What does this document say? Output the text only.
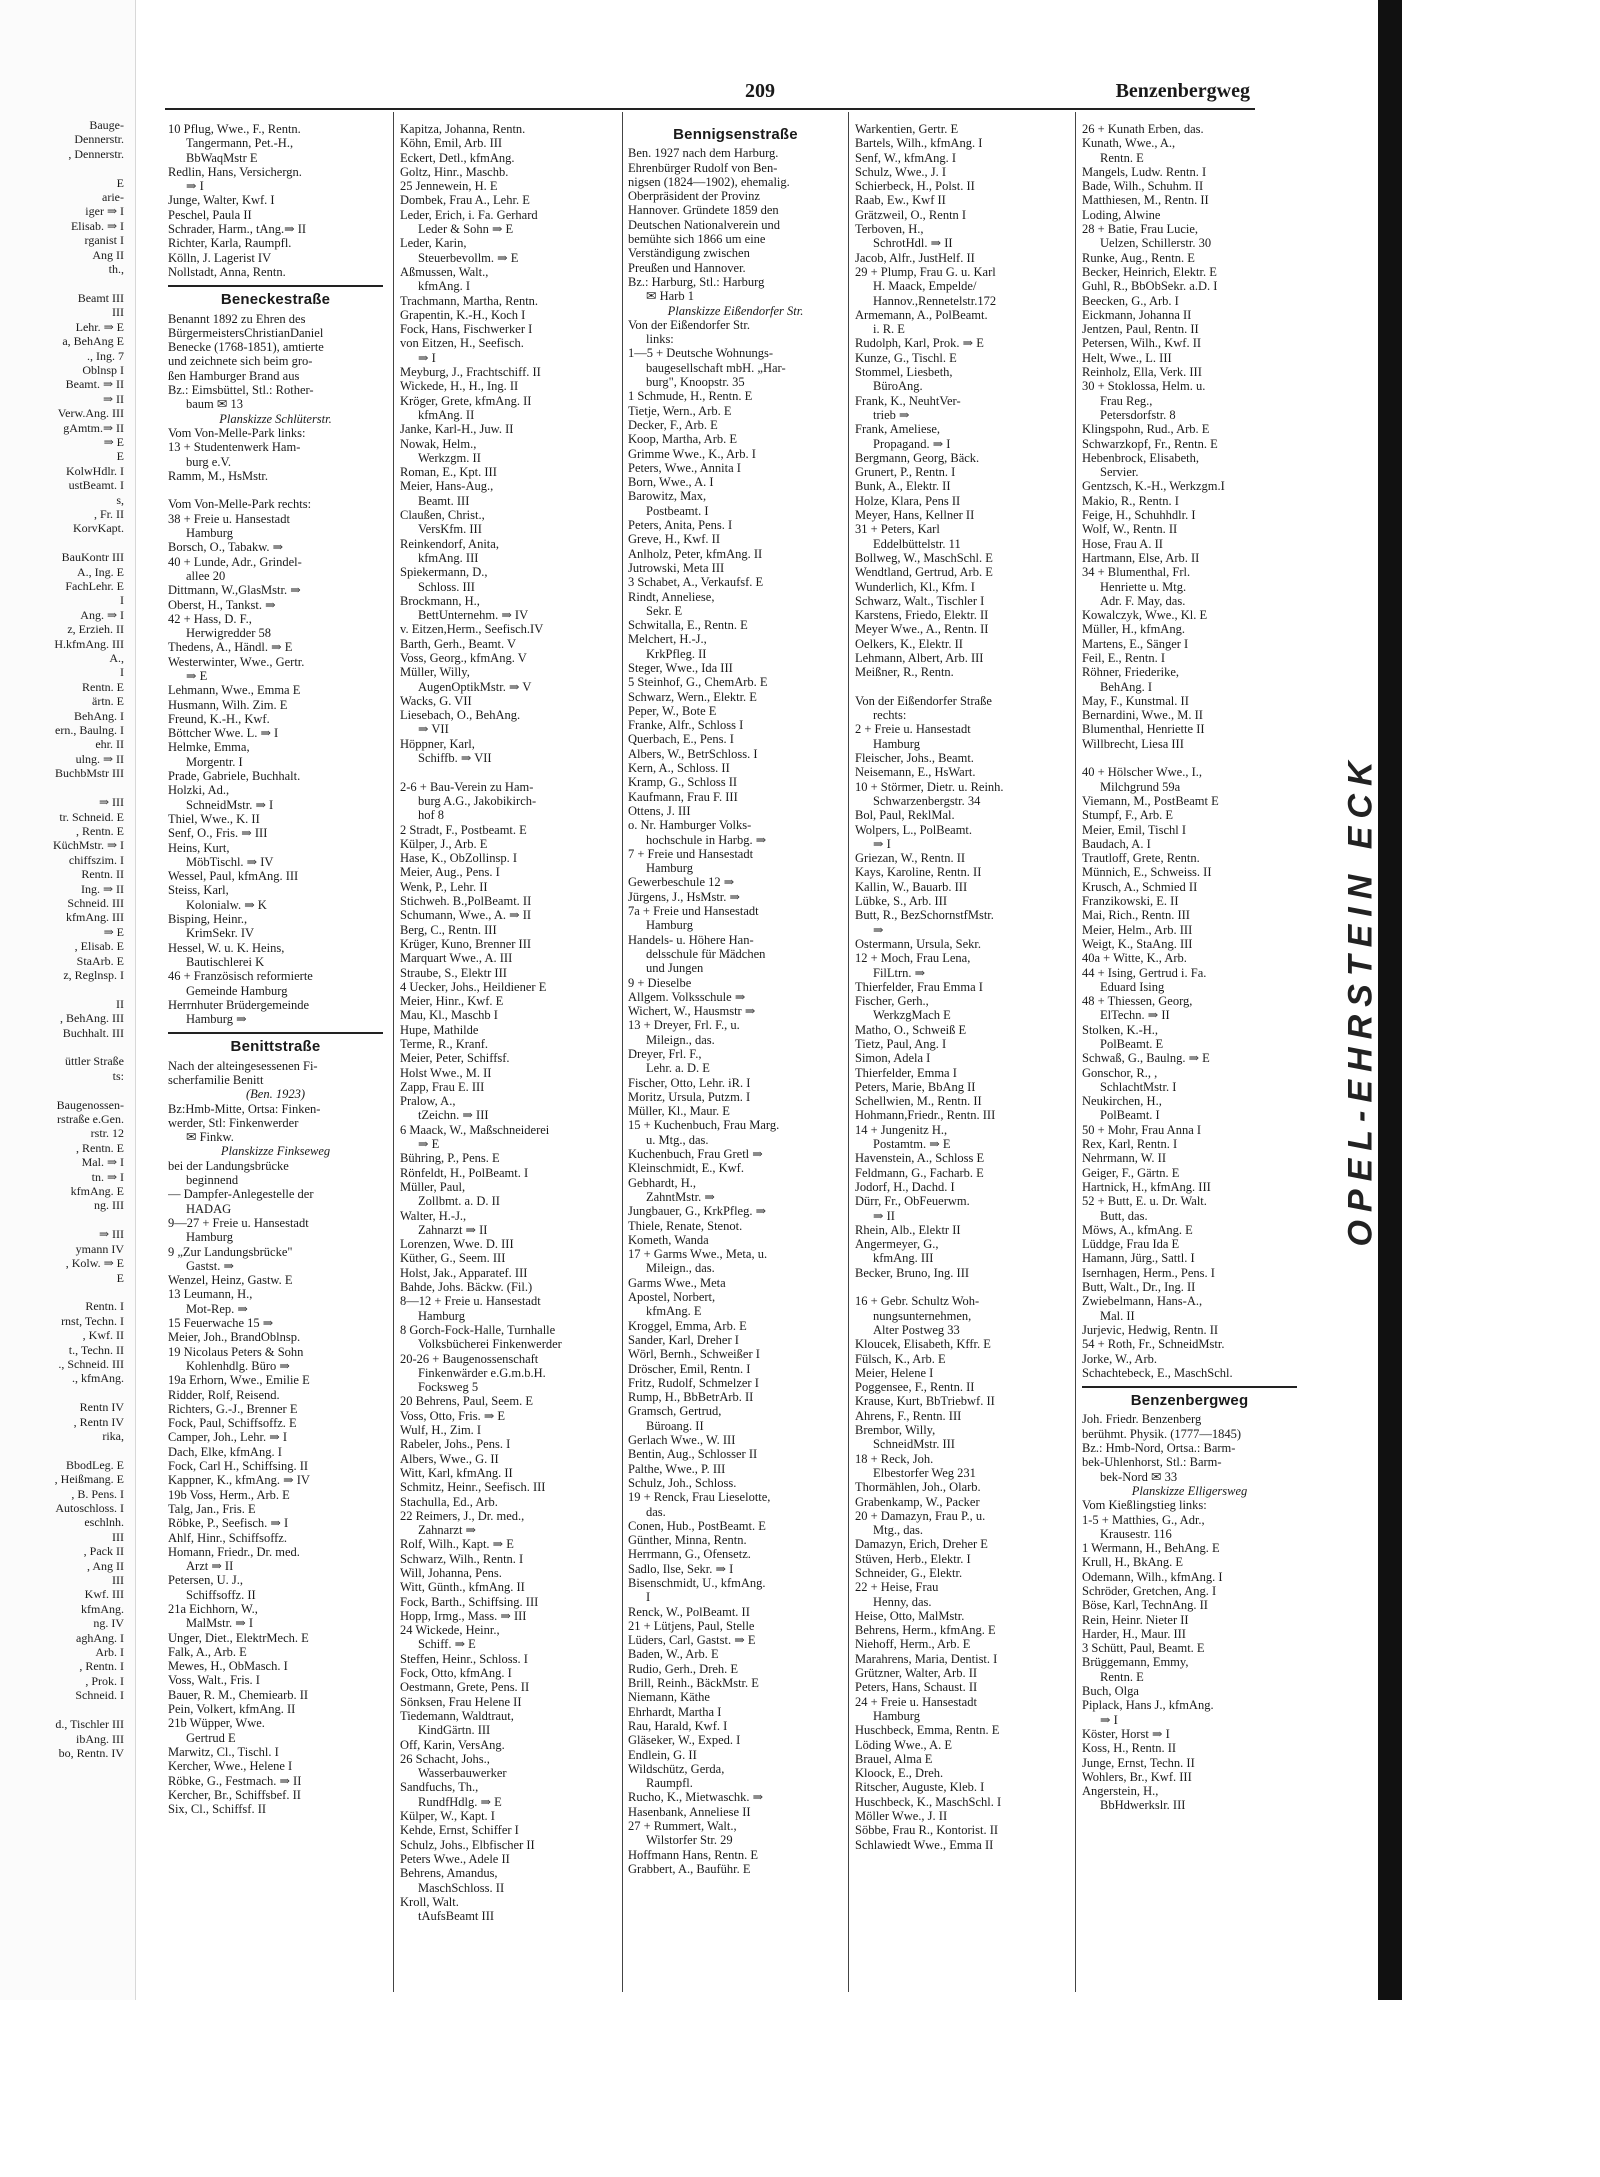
Bauge-
Dennerstr.
, Dennerstr.

E
arie-
iger ⇒ I
Elisab. ⇒ I
rganist I
Ang II
th.,

Beamt III
III
Lehr. ⇒ E
a, BehAng E
., Ing. 7
Oblnsp I
Beamt. ⇒ II
⇒ II
Verw.Ang. III
gAmtm.⇒ II
⇒ E
E
KolwHdlr. I
ustBeamt. I
s,
, Fr. II
KorvKapt.

BauKontr III
A., Ing. E
FachLehr. E
I
Ang. ⇒ I
z, Erzieh. II
H.kfmAng. III
A.,
I
Rentn. E
ärtn. E
BehAng. I
ern., Baulng. I
ehr. II
ulng. ⇒ II
BuchbMstr III

⇒ III
tr. Schneid. E
, Rentn. E
KüchMstr. ⇒ I
chiffszim. I
Rentn. II
Ing. ⇒ II
Schneid. III
kfmAng. III
⇒ E
, Elisab. E
StaArb. E
z, Reglnsp. I

II
, BehAng. III
Buchhalt. III

üttler Straße
ts:

Baugenossen-
rstraße e.Gen.
rstr. 12
, Rentn. E
Mal. ⇒ I
tn. ⇒ I
kfmAng. E
ng. III

⇒ III
ymann IV
, Kolw. ⇒ E
E

Rentn. I
rnst, Techn. I
, Kwf. II
t., Techn. II
., Schneid. III
., kfmAng.

Rentn IV
, Rentn IV
rika,

BbodLeg. E
, Heißmang. E
, B. Pens. I
Autoschloss. I
eschlnh.
III
, Pack II
, Ang II
III
Kwf. III
kfmAng.
ng. IV
aghAng. I
Arb. I
, Rentn. I
, Prok. I
Schneid. I

d., Tischler III
ibAng. III
bo, Rentn. IV
209	Benzenbergweg
10 Pflug, Wwe., F., Rentn.
Tangermann, Pet.-H.,
BbWaqMstr E
Redlin, Hans, Versichergn.
⇒ I
Junge, Walter, Kwf. I
Peschel, Paula II
Schrader, Harm., tAng.⇒ II
Richter, Karla, Raumpfl.
Kölln, J. Lagerist IV
Nollstadt, Anna, Rentn.
Beneckestraße
Benannt 1892 zu Ehren des
BürgermeistersChristianDaniel
Benecke (1768-1851), amtierte
und zeichnete sich beim gro-
ßen Hamburger Brand aus
Bz.: Eimsbüttel, Stl.: Rother-
baum ✉ 13
Planskizze Schlüterstr.
Vom Von-Melle-Park links:
13 + Studentenwerk Ham-
burg e.V.
Ramm, M., HsMstr.

Vom Von-Melle-Park rechts:
38 + Freie u. Hansestadt
Hamburg
Borsch, O., Tabakw. ⇒
40 + Lunde, Adr., Grindel-
allee 20
Dittmann, W.,GlasMstr. ⇒
Oberst, H., Tankst. ⇒
42 + Hass, D. F.,
Herwigredder 58
Thedens, A., Händl. ⇒ E
Westerwinter, Wwe., Gertr.
⇒ E
Lehmann, Wwe., Emma E
Husmann, Wilh. Zim. E
Freund, K.-H., Kwf.
Böttcher Wwe. L. ⇒ I
Helmke, Emma,
Morgentr. I
Prade, Gabriele, Buchhalt.
Holzki, Ad.,
SchneidMstr. ⇒ I
Thiel, Wwe., K. II
Senf, O., Fris. ⇒ III
Heins, Kurt,
MöbTischl. ⇒ IV
Wessel, Paul, kfmAng. III
Steiss, Karl,
Kolonialw. ⇒ K
Bisping, Heinr.,
KrimSekr. IV
Hessel, W. u. K. Heins,
Bautischlerei K
46 + Französisch reformierte
Gemeinde Hamburg
Herrnhuter Brüdergemeinde
Hamburg ⇒
Benittstraße
Nach der alteingesessenen Fi-
scherfamilie Benitt
(Ben. 1923)
Bz:Hmb-Mitte, Ortsa: Finken-
werder, Stl: Finkenwerder
✉ Finkw.
Planskizze Finkseweg
bei der Landungsbrücke
beginnend
— Dampfer-Anlegestelle der
HADAG
9—27 + Freie u. Hansestadt
Hamburg
9 „Zur Landungsbrücke"
Gastst. ⇒
Wenzel, Heinz, Gastw. E
13 Leumann, H.,
Mot-Rep. ⇒
15 Feuerwache 15 ⇒
Meier, Joh., BrandOblnsp.
19 Nicolaus Peters & Sohn
Kohlenhdlg. Büro ⇒
19a Erhorn, Wwe., Emilie E
Ridder, Rolf, Reisend.
Richters, G.-J., Brenner E
Fock, Paul, Schiffsoffz. E
Camper, Joh., Lehr. ⇒ I
Dach, Elke, kfmAng. I
Fock, Carl H., Schiffsing. II
Kappner, K., kfmAng. ⇒ IV
19b Voss, Herm., Arb. E
Talg, Jan., Fris. E
Röbke, P., Seefisch. ⇒ I
Ahlf, Hinr., Schiffsoffz.
Homann, Friedr., Dr. med.
Arzt ⇒ II
Petersen, U. J.,
Schiffsoffz. II
21a Eichhorn, W.,
MalMstr. ⇒ I
Unger, Diet., ElektrMech. E
Falk, A., Arb. E
Mewes, H., ObMasch. I
Voss, Walt., Fris. I
Bauer, R. M., Chemiearb. II
Pein, Volkert, kfmAng. II
21b Wüpper, Wwe.
Gertrud E
Marwitz, Cl., Tischl. I
Kercher, Wwe., Helene I
Röbke, G., Festmach. ⇒ II
Kercher, Br., Schiffsbef. II
Six, Cl., Schiffsf. II
Kapitza, Johanna, Rentn.
Köhn, Emil, Arb. III
Eckert, Detl., kfmAng.
Goltz, Hinr., Maschb.
25 Jennewein, H. E
Dombek, Frau A., Lehr. E
Leder, Erich, i. Fa. Gerhard
Leder & Sohn ⇒ E
Leder, Karin,
Steuerbevollm. ⇒ E
Aßmussen, Walt.,
kfmAng. I
Trachmann, Martha, Rentn.
Grapentin, K.-H., Koch I
Fock, Hans, Fischwerker I
von Eitzen, H., Seefisch.
⇒ I
Meyburg, J., Frachtschiff. II
Wickede, H., H., Ing. II
Kröger, Grete, kfmAng. II
kfmAng. II
Janke, Karl-H., Juw. II
Nowak, Helm.,
Werkzgm. II
Roman, E., Kpt. III
Meier, Hans-Aug.,
Beamt. III
Claußen, Christ.,
VersKfm. III
Reinkendorf, Anita,
kfmAng. III
Spiekermann, D.,
Schloss. III
Brockmann, H.,
BettUnternehm. ⇒ IV
v. Eitzen,Herm., Seefisch.IV
Barth, Gerh., Beamt. V
Voss, Georg., kfmAng. V
Müller, Willy,
AugenOptikMstr. ⇒ V
Wacks, G. VII
Liesebach, O., BehAng.
⇒ VII
Höppner, Karl,
Schiffb. ⇒ VII

2-6 + Bau-Verein zu Ham-
burg A.G., Jakobikirch-
hof 8
2 Stradt, F., Postbeamt. E
Külper, J., Arb. E
Hase, K., ObZollinsp. I
Meier, Aug., Pens. I
Wenk, P., Lehr. II
Stichweh. B.,PolBeamt. II
Schumann, Wwe., A. ⇒ II
Berg, C., Rentn. III
Krüger, Kuno, Brenner III
Marquart Wwe., A. III
Straube, S., Elektr III
4 Uecker, Johs., Heildiener E
Meier, Hinr., Kwf. E
Mau, Kl., Maschb I
Hupe, Mathilde
Terme, R., Kranf.
Meier, Peter, Schiffsf.
Holst Wwe., M. II
Zapp, Frau E. III
Pralow, A.,
tZeichn. ⇒ III
6 Maack, W., Maßschneiderei
⇒ E
Bühring, P., Pens. E
Rönfeldt, H., PolBeamt. I
Müller, Paul,
Zollbmt. a. D. II
Walter, H.-J.,
Zahnarzt ⇒ II
Lorenzen, Wwe. D. III
Küther, G., Seem. III
Holst, Jak., Apparatef. III
Bahde, Johs. Bäckw. (Fil.)
8—12 + Freie u. Hansestadt
Hamburg
8 Gorch-Fock-Halle, Turnhalle
Volksbücherei Finkenwerder
20-26 + Baugenossenschaft
Finkenwärder e.G.m.b.H.
Focksweg 5
20 Behrens, Paul, Seem. E
Voss, Otto, Fris. ⇒ E
Wulf, H., Zim. I
Rabeler, Johs., Pens. I
Albers, Wwe., G. II
Witt, Karl, kfmAng. II
Schmitz, Heinr., Seefisch. III
Stachulla, Ed., Arb.
22 Reimers, J., Dr. med.,
Zahnarzt ⇒
Rolf, Wilh., Kapt. ⇒ E
Schwarz, Wilh., Rentn. I
Will, Johanna, Pens.
Witt, Günth., kfmAng. II
Fock, Barth., Schiffsing. III
Hopp, Irmg., Mass. ⇒ III
24 Wickede, Heinr.,
Schiff. ⇒ E
Steffen, Heinr., Schloss. I
Fock, Otto, kfmAng. I
Oestmann, Grete, Pens. II
Sönksen, Frau Helene II
Tiedemann, Waldtraut,
KindGärtn. III
Off, Karin, VersAng.
26 Schacht, Johs.,
Wasserbauwerker
Sandfuchs, Th.,
RundfHdlg. ⇒ E
Külper, W., Kapt. I
Kehde, Ernst, Schiffer I
Schulz, Johs., Elbfischer II
Peters Wwe., Adele II
Behrens, Amandus,
MaschSchloss. II
Kroll, Walt.
tAufsBeamt III
Bennigsenstraße
Ben. 1927 nach dem Harburg.
Ehrenbürger Rudolf von Ben-
nigsen (1824—1902), ehemalig.
Oberpräsident der Provinz
Hannover. Gründete 1859 den
Deutschen Nationalverein und
bemühte sich 1866 um eine
Verständigung zwischen
Preußen und Hannover.
Bz.: Harburg, Stl.: Harburg
✉ Harb 1
Planskizze Eißendorfer Str.
Von der Eißendorfer Str.
links:
1—5 + Deutsche Wohnungs-
baugesellschaft mbH. „Har-
burg", Knoopstr. 35
1 Schmude, H., Rentn. E
Tietje, Wern., Arb. E
Decker, F., Arb. E
Koop, Martha, Arb. E
Grimme Wwe., K., Arb. I
Peters, Wwe., Annita I
Born, Wwe., A. I
Barowitz, Max,
Postbeamt. I
Peters, Anita, Pens. I
Greve, H., Kwf. II
Anlholz, Peter, kfmAng. II
Jutrowski, Meta III
3 Schabet, A., Verkaufsf. E
Rindt, Anneliese,
Sekr. E
Schwitalla, E., Rentn. E
Melchert, H.-J.,
KrkPfleg. II
Steger, Wwe., Ida III
5 Steinhof, G., ChemArb. E
Schwarz, Wern., Elektr. E
Peper, W., Bote E
Franke, Alfr., Schloss I
Querbach, E., Pens. I
Albers, W., BetrSchloss. I
Kern, A., Schloss. II
Kramp, G., Schloss II
Kaufmann, Frau F. III
Ottens, J. III
o. Nr. Hamburger Volks-
hochschule in Harbg. ⇒
7 + Freie und Hansestadt
Hamburg
Gewerbeschule 12 ⇒
Jürgens, J., HsMstr. ⇒
7a + Freie und Hansestadt
Hamburg
Handels- u. Höhere Han-
delsschule für Mädchen
und Jungen
9 + Dieselbe
Allgem. Volksschule ⇒
Wichert, W., Hausmstr ⇒
13 + Dreyer, Frl. F., u.
Mileign., das.
Dreyer, Frl. F.,
Lehr. a. D. E
Fischer, Otto, Lehr. iR. I
Moritz, Ursula, Putzm. I
Müller, Kl., Maur. E
15 + Kuchenbuch, Frau Marg.
u. Mtg., das.
Kuchenbuch, Frau Gretl ⇒
Kleinschmidt, E., Kwf.
Gebhardt, H.,
ZahntMstr. ⇒
Jungbauer, G., KrkPfleg. ⇒
Thiele, Renate, Stenot.
Kometh, Wanda
17 + Garms Wwe., Meta, u.
Mileign., das.
Garms Wwe., Meta
Apostel, Norbert,
kfmAng. E
Kroggel, Emma, Arb. E
Sander, Karl, Dreher I
Wörl, Bernh., Schweißer I
Dröscher, Emil, Rentn. I
Fritz, Rudolf, Schmelzer I
Rump, H., BbBetrArb. II
Gramsch, Gertrud,
Büroang. II
Gerlach Wwe., W. III
Bentin, Aug., Schlosser II
Palthe, Wwe., P. III
Schulz, Joh., Schloss.
19 + Renck, Frau Lieselotte,
das.
Conen, Hub., PostBeamt. E
Günther, Minna, Rentn.
Herrmann, G., Ofensetz.
Sadlo, Ilse, Sekr. ⇒ I
Bisenschmidt, U., kfmAng.
I
Renck, W., PolBeamt. II
21 + Lütjens, Paul, Stelle
Lüders, Carl, Gastst. ⇒ E
Baden, W., Arb. E
Rudio, Gerh., Dreh. E
Brill, Reinh., BäckMstr. E
Niemann, Käthe
Ehrhardt, Martha I
Rau, Harald, Kwf. I
Gläseker, W., Exped. I
Endlein, G. II
Wildschütz, Gerda,
Raumpfl.
Rucho, K., Mietwaschk. ⇒
Hasenbank, Anneliese II
27 + Rummert, Walt.,
Wilstorfer Str. 29
Hoffmann Hans, Rentn. E
Grabbert, A., Bauführ. E
Warkentien, Gertr. E
Bartels, Wilh., kfmAng. I
Senf, W., kfmAng. I
Schulz, Wwe., J. I
Schierbeck, H., Polst. II
Raab, Ew., Kwf II
Grätzweil, O., Rentn I
Terboven, H.,
SchrotHdl. ⇒ II
Jacob, Alfr., JustHelf. II
29 + Plump, Frau G. u. Karl
H. Maack, Empelde/
Hannov.,Rennetelstr.172
Armemann, A., PolBeamt.
i. R. E
Rudolph, Karl, Prok. ⇒ E
Kunze, G., Tischl. E
Stommel, Liesbeth,
BüroAng.
Frank, K., NeuhtVer-
trieb ⇒
Frank, Ameliese,
Propagand. ⇒ I
Bergmann, Georg, Bäck.
Grunert, P., Rentn. I
Bunk, A., Elektr. II
Holze, Klara, Pens II
Meyer, Hans, Kellner II
31 + Peters, Karl
Eddelbüttelstr. 11
Bollweg, W., MaschSchl. E
Wendtland, Gertrud, Arb. E
Wunderlich, Kl., Kfm. I
Schwarz, Walt., Tischler I
Karstens, Friedo, Elektr. II
Meyer Wwe., A., Rentn. II
Oelkers, K., Elektr. II
Lehmann, Albert, Arb. III
Meißner, R., Rentn.

Von der Eißendorfer Straße
rechts:
2 + Freie u. Hansestadt
Hamburg
Fleischer, Johs., Beamt.
Neisemann, E., HsWart.
10 + Störmer, Dietr. u. Reinh.
Schwarzenbergstr. 34
Bol, Paul, ReklMal.
Wolpers, L., PolBeamt.
⇒ I
Griezan, W., Rentn. II
Kays, Karoline, Rentn. II
Kallin, W., Bauarb. III
Lübke, S., Arb. III
Butt, R., BezSchornstfMstr.
⇒
Ostermann, Ursula, Sekr.
12 + Moch, Frau Lena,
FilLtrn. ⇒
Thierfelder, Frau Emma I
Fischer, Gerh.,
WerkzgMach E
Matho, O., Schweiß E
Tietz, Paul, Ang. I
Simon, Adela I
Thierfelder, Emma I
Peters, Marie, BbAng II
Schellwien, M., Rentn. II
Hohmann,Friedr., Rentn. III
14 + Jungenitz H.,
Postamtm. ⇒ E
Havenstein, A., Schloss E
Feldmann, G., Facharb. E
Jodorf, H., Dachd. I
Dürr, Fr., ObFeuerwm.
⇒ II
Rhein, Alb., Elektr II
Angermeyer, G.,
kfmAng. III
Becker, Bruno, Ing. III

16 + Gebr. Schultz Woh-
nungsunternehmen,
Alter Postweg 33
Kloucek, Elisabeth, Kffr. E
Fülsch, K., Arb. E
Meier, Helene I
Poggensee, F., Rentn. II
Krause, Kurt, BbTriebwf. II
Ahrens, F., Rentn. III
Brembor, Willy,
SchneidMstr. III
18 + Reck, Joh.
Elbestorfer Weg 231
Thormählen, Joh., Olarb.
Grabenkamp, W., Packer
20 + Damazyn, Frau P., u.
Mtg., das.
Damazyn, Erich, Dreher E
Stüven, Herb., Elektr. I
Schneider, G., Elektr.
22 + Heise, Frau
Henny, das.
Heise, Otto, MalMstr.
Behrens, Herm., kfmAng. E
Niehoff, Herm., Arb. E
Marahrens, Maria, Dentist. I
Grützner, Walter, Arb. II
Peters, Hans, Schaust. II
24 + Freie u. Hansestadt
Hamburg
Huschbeck, Emma, Rentn. E
Löding Wwe., A. E
Brauel, Alma E
Kloock, E., Dreh.
Ritscher, Auguste, Kleb. I
Huschbeck, K., MaschSchl. I
Möller Wwe., J. II
Söbbe, Frau R., Kontorist. II
Schlawiedt Wwe., Emma II
26 + Kunath Erben, das.
Kunath, Wwe., A.,
Rentn. E
Mangels, Ludw. Rentn. I
Bade, Wilh., Schuhm. II
Matthiesen, M., Rentn. II
Loding, Alwine
28 + Batie, Frau Lucie,
Uelzen, Schillerstr. 30
Runke, Aug., Rentn. E
Becker, Heinrich, Elektr. E
Guhl, R., BbObSekr. a.D. I
Beecken, G., Arb. I
Eickmann, Johanna II
Jentzen, Paul, Rentn. II
Petersen, Wilh., Kwf. II
Helt, Wwe., L. III
Reinholz, Ella, Verk. III
30 + Stoklossa, Helm. u.
Frau Reg.,
Petersdorfstr. 8
Klingspohn, Rud., Arb. E
Schwarzkopf, Fr., Rentn. E
Hebenbrock, Elisabeth,
Servier.
Gentzsch, K.-H., Werkzgm.I
Makio, R., Rentn. I
Feige, H., Schuhhdlr. I
Wolf, W., Rentn. II
Hose, Frau A. II
Hartmann, Else, Arb. II
34 + Blumenthal, Frl.
Henriette u. Mtg.
Adr. F. May, das.
Kowalczyk, Wwe., Kl. E
Müller, H., kfmAng.
Martens, E., Sänger I
Feil, E., Rentn. I
Röhner, Friederike,
BehAng. I
May, F., Kunstmal. II
Bernardini, Wwe., M. II
Blumenthal, Henriette II
Willbrecht, Liesa III

40 + Hölscher Wwe., I.,
Milchgrund 59a
Viemann, M., PostBeamt E
Stumpf, F., Arb. E
Meier, Emil, Tischl I
Baudach, A. I
Trautloff, Grete, Rentn.
Münnich, E., Schweiss. II
Krusch, A., Schmied II
Franzikowski, E. II
Mai, Rich., Rentn. III
Meier, Helm., Arb. III
Weigt, K., StaAng. III
40a + Witte, K., Arb.
44 + Ising, Gertrud i. Fa.
Eduard Ising
48 + Thiessen, Georg,
ElTechn. ⇒ II
Stolken, K.-H.,
PolBeamt. E
Schwaß, G., Baulng. ⇒ E
Gonschor, R., ,
SchlachtMstr. I
Neukirchen, H.,
PolBeamt. I
50 + Mohr, Frau Anna I
Rex, Karl, Rentn. I
Nehrmann, W. II
Geiger, F., Gärtn. E
Hartnick, H., kfmAng. III
52 + Butt, E. u. Dr. Walt.
Butt, das.
Möws, A., kfmAng. E
Lüddge, Frau Ida E
Hamann, Jürg., Sattl. I
Isernhagen, Herm., Pens. I
Butt, Walt., Dr., Ing. II
Zwiebelmann, Hans-A.,
Mal. II
Jurjevic, Hedwig, Rentn. II
54 + Roth, Fr., SchneidMstr.
Jorke, W., Arb.
Schachtebeck, E., MaschSchl.
Benzenbergweg
Joh. Friedr. Benzenberg
berühmt. Physik. (1777—1845)
Bz.: Hmb-Nord, Ortsa.: Barm-
bek-Uhlenhorst, Stl.: Barm-
bek-Nord ✉ 33
Planskizze Elligersweg
Vom Kießlingstieg links:
1-5 + Matthies, G., Adr.,
Krausestr. 116
1 Wermann, H., BehAng. E
Krull, H., BkAng. E
Odemann, Wilh., kfmAng. I
Schröder, Gretchen, Ang. I
Böse, Karl, TechnAng. II
Rein, Heinr. Nieter II
Harder, H., Maur. III
3 Schütt, Paul, Beamt. E
Brüggemann, Emmy,
Rentn. E
Buch, Olga
Piplack, Hans J., kfmAng.
⇒ I
Köster, Horst ⇒ I
Koss, H., Rentn. II
Junge, Ernst, Techn. II
Wohlers, Br., Kwf. III
Angerstein, H.,
BbHdwerkslr. III
OPEL-EHRSTEIN ECK
